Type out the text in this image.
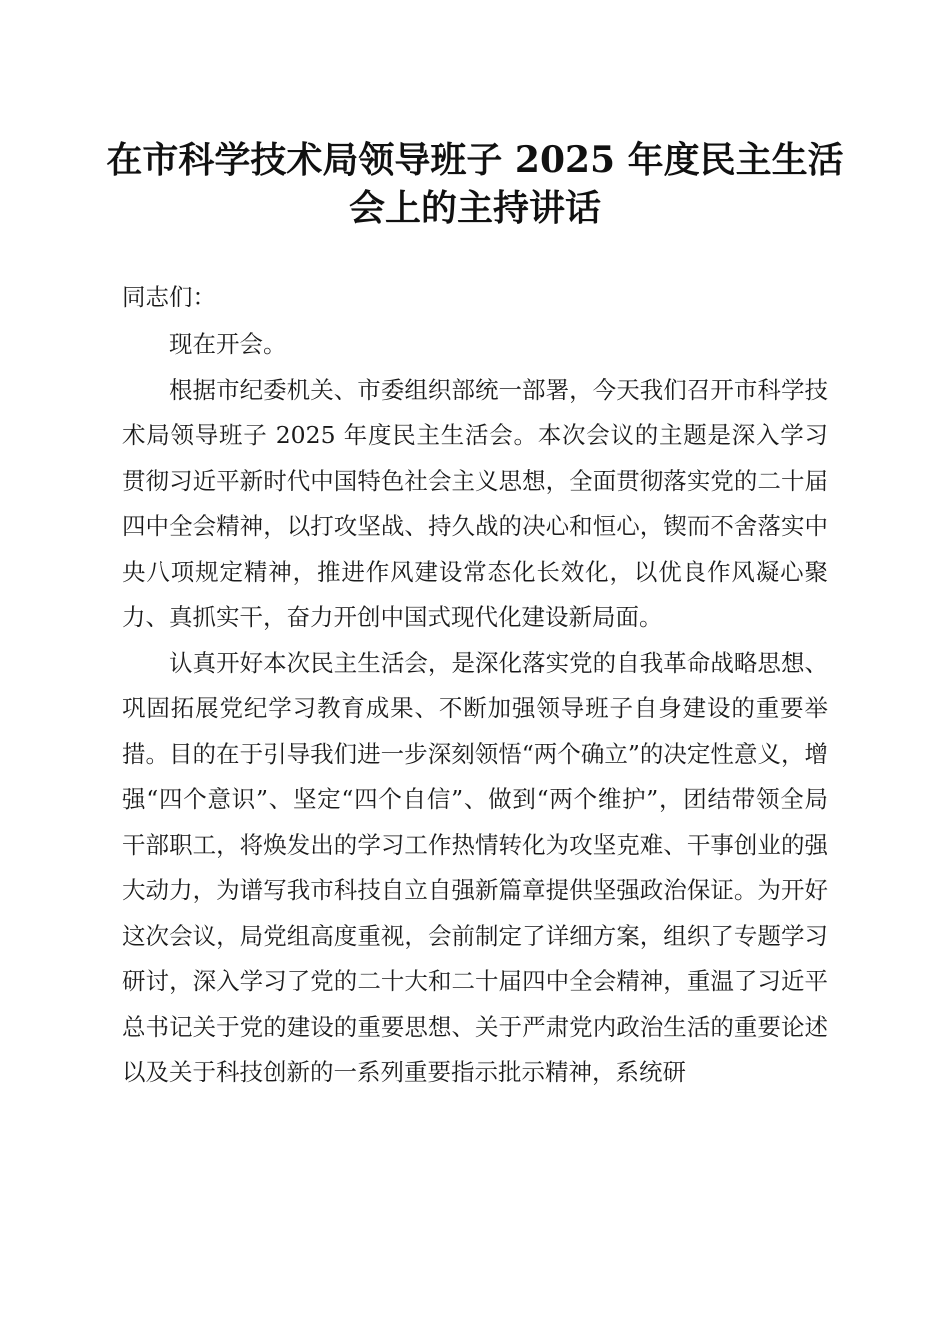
在市科学技术局领导班子 2025 年度民主生活
会上的主持讲话
同志们：

现在开会。

根据市纪委机关、市委组织部统一部署，今天我们召开市科学技术局领导班子 2025 年度民主生活会。本次会议的主题是深入学习贯彻习近平新时代中国特色社会主义思想，全面贯彻落实党的二十届四中全会精神，以打攻坚战、持久战的决心和恒心，锲而不舍落实中央八项规定精神，推进作风建设常态化长效化，以优良作风凝心聚力、真抓实干，奋力开创中国式现代化建设新局面。

认真开好本次民主生活会，是深化落实党的自我革命战略思想、巩固拓展党纪学习教育成果、不断加强领导班子自身建设的重要举措。目的在于引导我们进一步深刻领悟“两个确立”的决定性意义，增强“四个意识”、坚定“四个自信”、做到“两个维护”，团结带领全局干部职工，将焕发出的学习工作热情转化为攻坚克难、干事创业的强大动力，为谱写我市科技自立自强新篇章提供坚强政治保证。为开好这次会议，局党组高度重视，会前制定了详细方案，组织了专题学习研讨，深入学习了党的二十大和二十届四中全会精神，重温了习近平总书记关于党的建设的重要思想、关于严肃党内政治生活的重要论述以及关于科技创新的一系列重要指示批示精神，系统研
